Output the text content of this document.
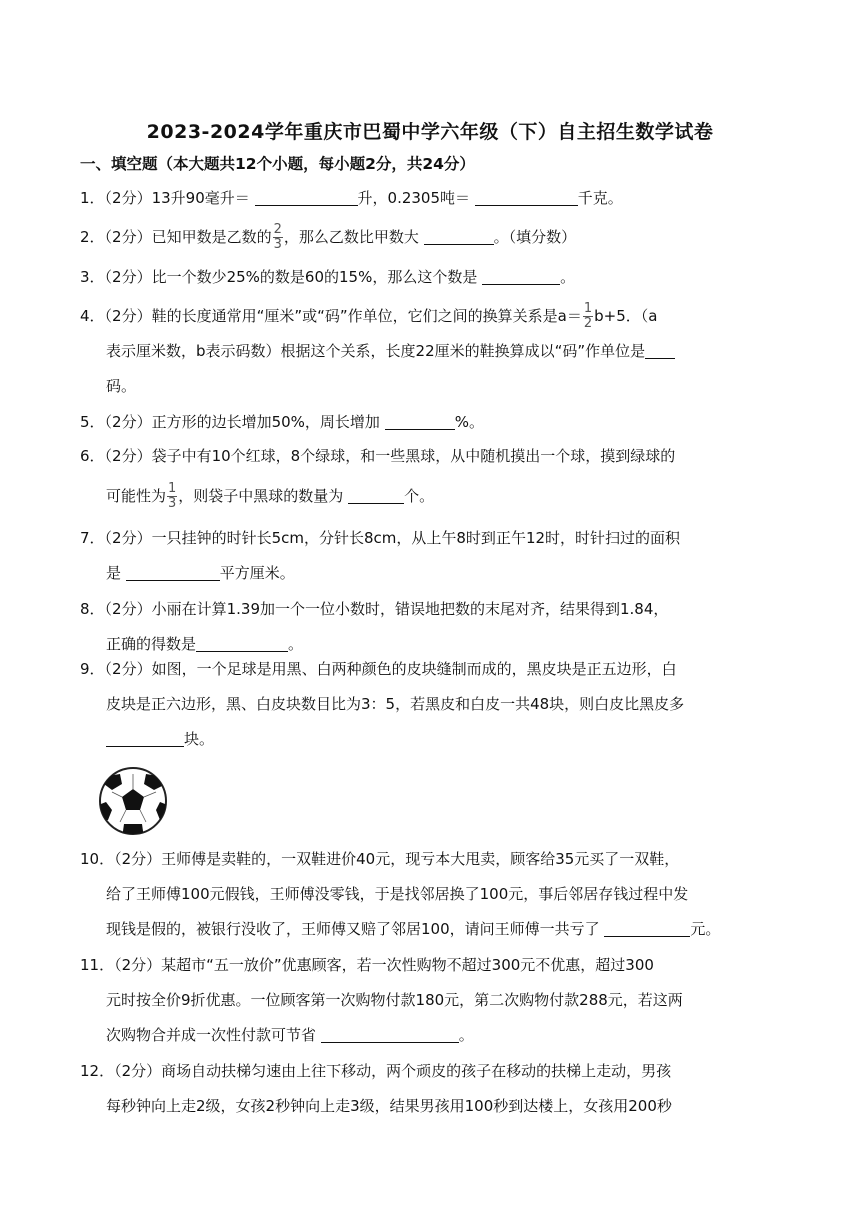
2023-2024学年重庆市巴蜀中学六年级（下）自主招生数学试卷
一、填空题（本大题共12个小题，每小题2分，共24分）
1．（2分）13升90毫升＝	升，0.2305吨＝	千克。
2．（2分）已知甲数是乙数的 $\frac{2}{3}$ ，那么乙数比甲数大	。（填分数）
3．（2分）比一个数少25%的数是60的15%，那么这个数是	。
4．（2分）鞋的长度通常用“厘米”或“码”作单位，它们之间的换算关系是$a= \frac{1}{2} b+5$．（a
表示厘米数，b表示码数）根据这个关系，长度22厘米的鞋换算成以“码”作单位是
码。
5．（2分）正方形的边长增加50%，周长增加	%。
6．（2分）袋子中有10个红球，8个绿球，和一些黑球，从中随机摸出一个球，摸到绿球的
可能性为 $\frac{1}{3}$ ，则袋子中黑球的数量为	个。
7．（2分）一只挂钟的时针长5cm，分针长8cm，从上午8时到正午12时，时针扫过的面积
是	平方厘米。
8．（2分）小丽在计算1.39加一个一位小数时，错误地把数的末尾对齐，结果得到1.84，
正确的得数是	。
9．（2分）如图，一个足球是用黑、白两种颜色的皮块缝制而成的，黑皮块是正五边形，白
皮块是正六边形，黑、白皮块数目比为3：5，若黑皮和白皮一共48块，则白皮比黑皮多
块。
10．（2分）王师傅是卖鞋的，一双鞋进价40元，现亏本大甩卖，顾客给35元买了一双鞋，
给了王师傅100元假钱，王师傅没零钱，于是找邻居换了100元，事后邻居存钱过程中发
现钱是假的，被银行没收了，王师傅又赔了邻居100，请问王师傅一共亏了	元。
11．（2分）某超市“五一放价”优惠顾客，若一次性购物不超过300元不优惠，超过300
元时按全价9折优惠。一位顾客第一次购物付款180元，第二次购物付款288元，若这两
次购物合并成一次性付款可节省	。
12．（2分）商场自动扶梯匀速由上往下移动，两个顽皮的孩子在移动的扶梯上走动，男孩
每秒钟向上走2级，女孩2秒钟向上走3级，结果男孩用100秒到达楼上，女孩用200秒
